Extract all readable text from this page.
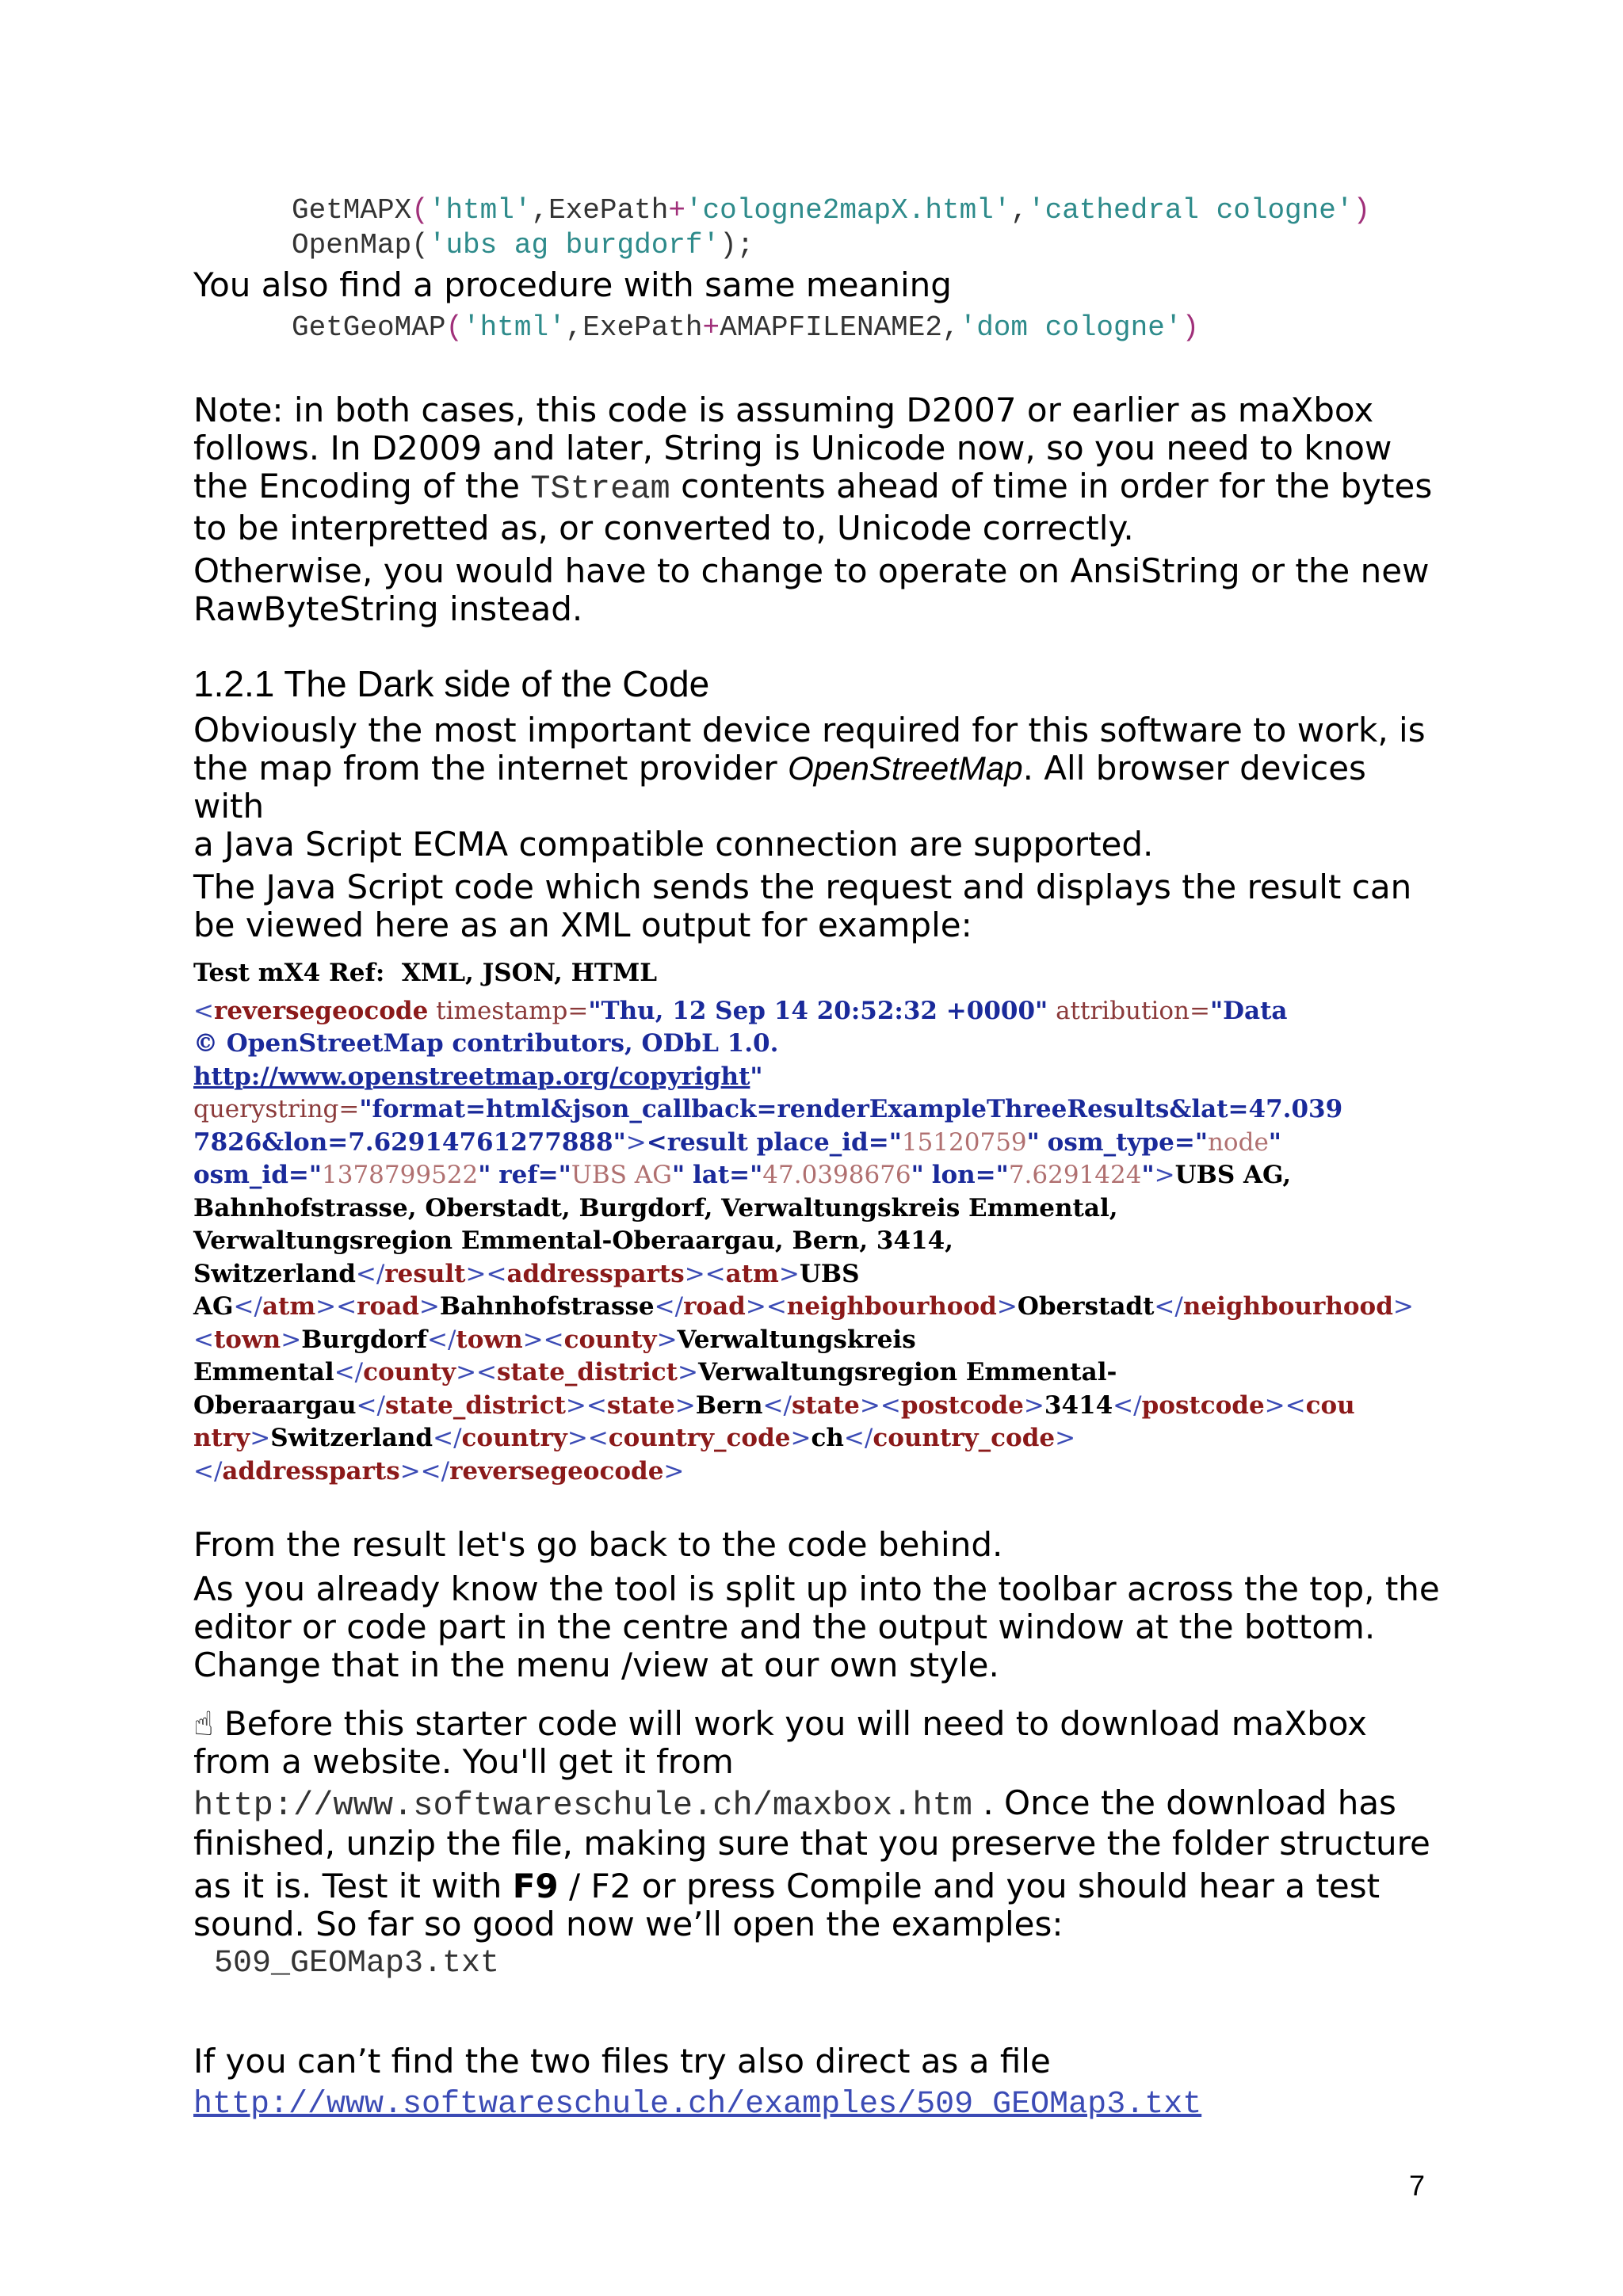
GetMAPX('html',ExePath+'cologne2mapX.html','cathedral cologne')
OpenMap('ubs ag burgdorf');

You also find a procedure with same meaning

GetGeoMAP('html',ExePath+AMAPFILENAME2,'dom cologne')

Note: in both cases, this code is assuming D2007 or earlier as maXbox

follows. In D2009 and later, String is Unicode now, so you need to know

the Encoding of the TStream contents ahead of time in order for the bytes

to be interpretted as, or converted to, Unicode correctly.

Otherwise, you would have to change to operate on AnsiString or the new

RawByteString instead.

1.2.1 The Dark side of the Code

Obviously the most important device required for this software to work, is

the map from the internet provider OpenStreetMap. All browser devices with

a Java Script ECMA compatible connection are supported.

The Java Script code which sends the request and displays the result can

be viewed here as an XML output for example:

Test mX4 Ref:  XML, JSON, HTML
<reversegeocode timestamp="Thu, 12 Sep 14 20:52:32 +0000" attribution="Data
© OpenStreetMap contributors, ODbL 1.0.
http://www.openstreetmap.org/copyright"
querystring="format=html&json_callback=renderExampleThreeResults&lat=47.039
7826&lon=7.62914761277888"><result place_id="15120759" osm_type="node"
osm_id="1378799522" ref="UBS AG" lat="47.0398676" lon="7.6291424">UBS AG,
Bahnhofstrasse, Oberstadt, Burgdorf, Verwaltungskreis Emmental,
Verwaltungsregion Emmental-Oberaargau, Bern, 3414,
Switzerland</result><addressparts><atm>UBS
AG</atm><road>Bahnhofstrasse</road><neighbourhood>Oberstadt</neighbourhood>
<town>Burgdorf</town><county>Verwaltungskreis
Emmental</county><state_district>Verwaltungsregion Emmental-
Oberaargau</state_district><state>Bern</state><postcode>3414</postcode><cou
ntry>Switzerland</country><country_code>ch</country_code>
</addressparts></reversegeocode>

From the result let's go back to the code behind.

As you already know the tool is split up into the toolbar across the top, the

editor or code part in the centre and the output window at the bottom.

Change that in the menu /view at our own style.

☝ Before this starter code will work you will need to download maXbox

from a website. You'll get it from

http://www.softwareschule.ch/maxbox.htm . Once the download has

finished, unzip the file, making sure that you preserve the folder structure

as it is. Test it with F9 / F2 or press Compile and you should hear a test

sound. So far so good now we’ll open the examples:

509_GEOMap3.txt

If you can’t find the two files try also direct as a file

http://www.softwareschule.ch/examples/509_GEOMap3.txt
7
